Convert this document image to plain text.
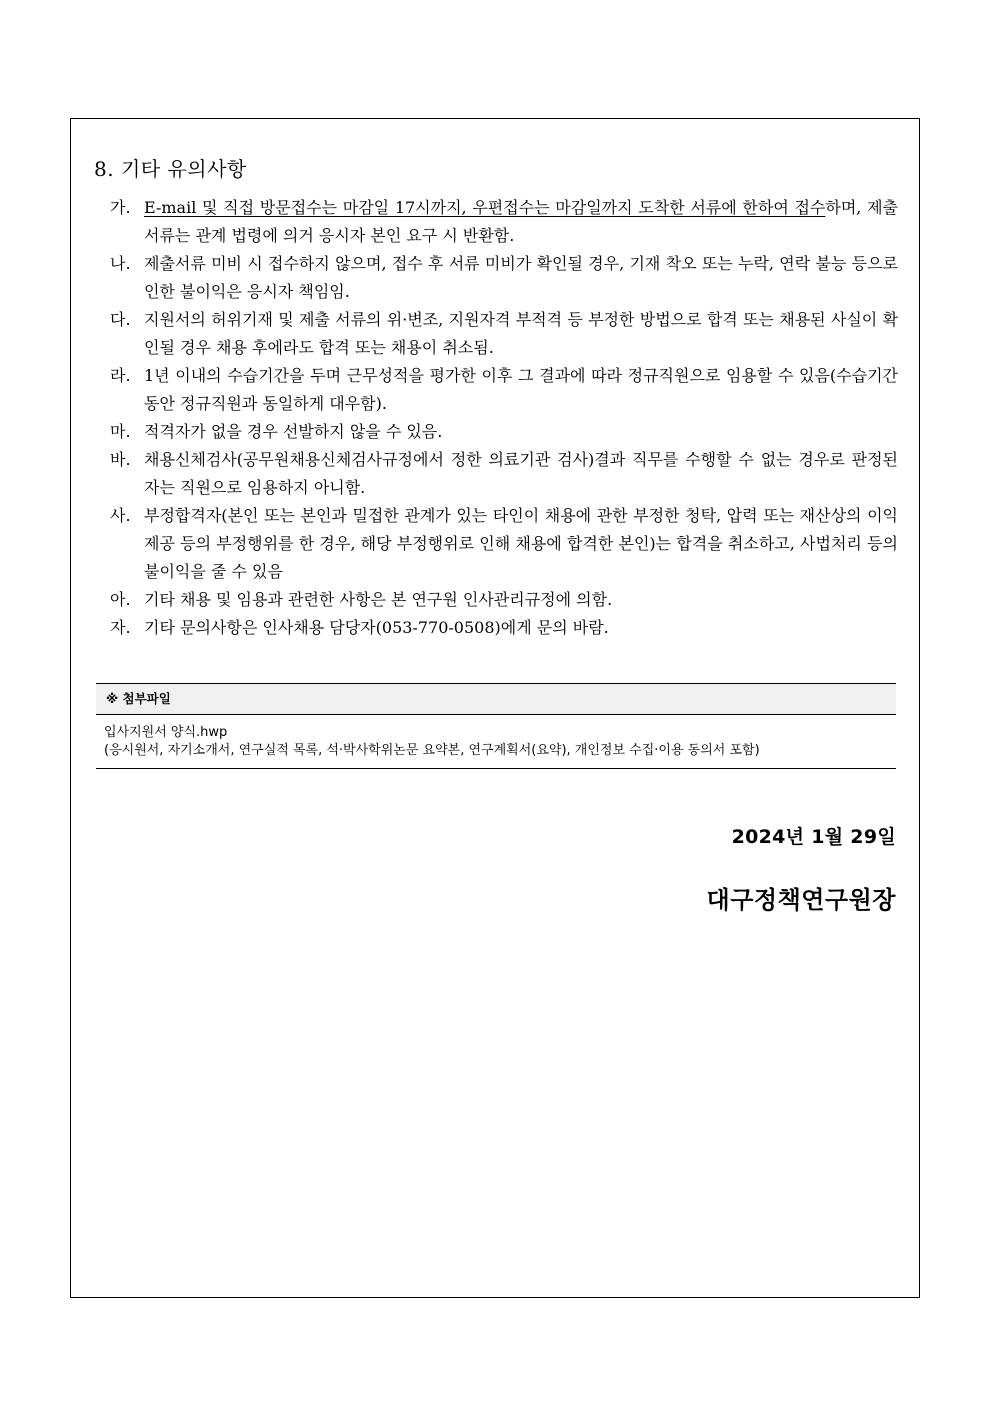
8. 기타 유의사항
가. E-mail 및 직접 방문접수는 마감일 17시까지, 우편접수는 마감일까지 도착한 서류에 한하여 접수하며, 제출서류는 관계 법령에 의거 응시자 본인 요구 시 반환함.
나. 제출서류 미비 시 접수하지 않으며, 접수 후 서류 미비가 확인될 경우, 기재 착오 또는 누락, 연락 불능 등으로 인한 불이익은 응시자 책임임.
다. 지원서의 허위기재 및 제출 서류의 위·변조, 지원자격 부적격 등 부정한 방법으로 합격 또는 채용된 사실이 확인될 경우 채용 후에라도 합격 또는 채용이 취소됨.
라. 1년 이내의 수습기간을 두며 근무성적을 평가한 이후 그 결과에 따라 정규직원으로 임용할 수 있음(수습기간 동안 정규직원과 동일하게 대우함).
마. 적격자가 없을 경우 선발하지 않을 수 있음.
바. 채용신체검사(공무원채용신체검사규정에서 정한 의료기관 검사)결과 직무를 수행할 수 없는 경우로 판정된 자는 직원으로 임용하지 아니함.
사. 부정합격자(본인 또는 본인과 밀접한 관계가 있는 타인이 채용에 관한 부정한 청탁, 압력 또는 재산상의 이익 제공 등의 부정행위를 한 경우, 해당 부정행위로 인해 채용에 합격한 본인)는 합격을 취소하고, 사법처리 등의 불이익을 줄 수 있음
아. 기타 채용 및 임용과 관련한 사항은 본 연구원 인사관리규정에 의함.
자. 기타 문의사항은 인사채용 담당자(053-770-0508)에게 문의 바람.
※ 첨부파일
입사지원서 양식.hwp
(응시원서, 자기소개서, 연구실적 목록, 석·박사학위논문 요약본, 연구계획서(요약), 개인정보 수집·이용 동의서 포함)
2024년 1월 29일
대구정책연구원장
